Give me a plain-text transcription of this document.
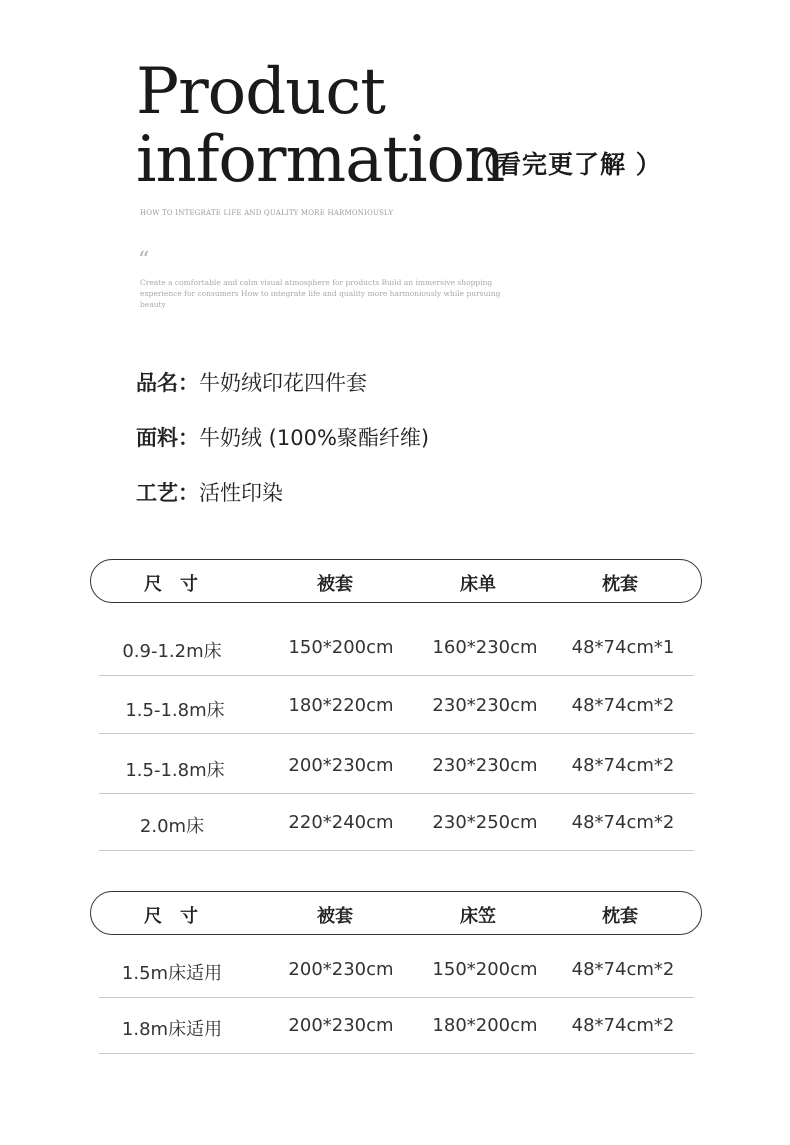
Product
information
（看完更了解 ）
HOW TO INTEGRATE LIFE AND QUALITY MORE HARMONIOUSLY
“
Create a comfortable and calm visual atmosphere for products Build an immersive shopping experience for consumers How to integrate life and quality more harmoniously while pursuing beauty
品名：牛奶绒印花四件套
面料：牛奶绒 (100%聚酯纤维)
工艺：活性印染
尺　寸	被套	床单	枕套
0.9-1.2m床	150*200cm	160*230cm	48*74cm*1
1.5-1.8m床	180*220cm	230*230cm	48*74cm*2
1.5-1.8m床	200*230cm	230*230cm	48*74cm*2
2.0m床	220*240cm	230*250cm	48*74cm*2
尺　寸	被套	床笠	枕套
1.5m床适用	200*230cm	150*200cm	48*74cm*2
1.8m床适用	200*230cm	180*200cm	48*74cm*2
